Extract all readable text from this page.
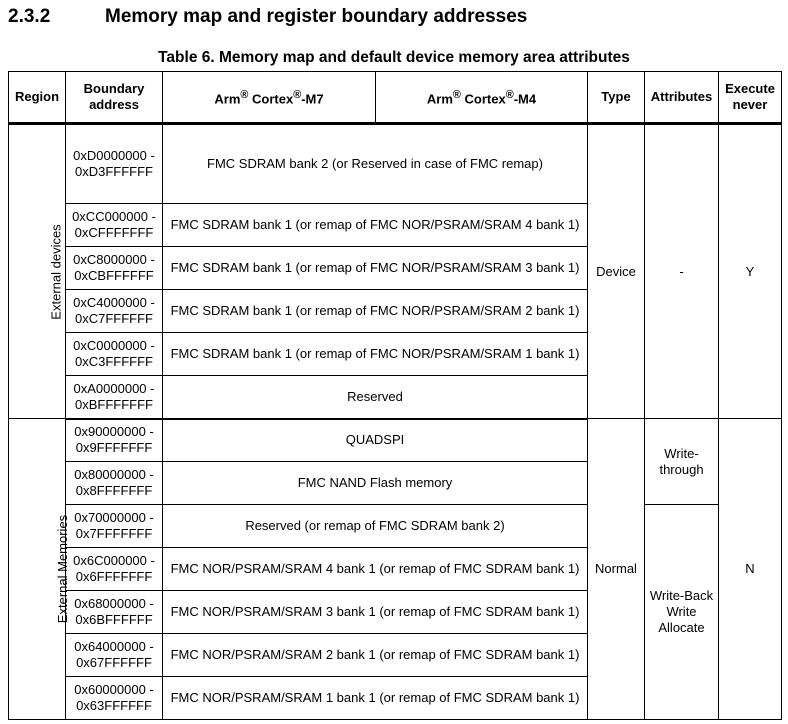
2.3.2	Memory map and register boundary addresses
Table 6. Memory map and default device memory area attributes
Region	Boundary address	Arm® Cortex®-M7	Arm® Cortex®-M4	Type	Attributes	Execute never
External devices	0xD0000000 -
0xD3FFFFFF	FMC SDRAM bank 2 (or Reserved in case of FMC remap)		Device	-	Y
	0xCC000000 -
0xCFFFFFFF	FMC SDRAM bank 1 (or remap of FMC NOR/PSRAM/SRAM 4 bank 1)				
	0xC8000000 -
0xCBFFFFFF	FMC SDRAM bank 1 (or remap of FMC NOR/PSRAM/SRAM 3 bank 1)				
	0xC4000000 -
0xC7FFFFFF	FMC SDRAM bank 1 (or remap of FMC NOR/PSRAM/SRAM 2 bank 1)				
	0xC0000000 -
0xC3FFFFFF	FMC SDRAM bank 1 (or remap of FMC NOR/PSRAM/SRAM 1 bank 1)				
	0xA0000000 -
0xBFFFFFFF	Reserved				
External Memories	0x90000000 -
0x9FFFFFFF	QUADSPI		Normal	Write-through	N
	0x80000000 -
0x8FFFFFFF	FMC NAND Flash memory				
	0x70000000 -
0x7FFFFFFF	Reserved (or remap of FMC SDRAM bank 2)			Write-Back Write Allocate	
	0x6C000000 -
0x6FFFFFFF	FMC NOR/PSRAM/SRAM 4 bank 1 (or remap of FMC SDRAM bank 1)				
	0x68000000 -
0x6BFFFFFF	FMC NOR/PSRAM/SRAM 3 bank 1 (or remap of FMC SDRAM bank 1)				
	0x64000000 -
0x67FFFFFF	FMC NOR/PSRAM/SRAM 2 bank 1 (or remap of FMC SDRAM bank 1)				
	0x60000000 -
0x63FFFFFF	FMC NOR/PSRAM/SRAM 1 bank 1 (or remap of FMC SDRAM bank 1)				
